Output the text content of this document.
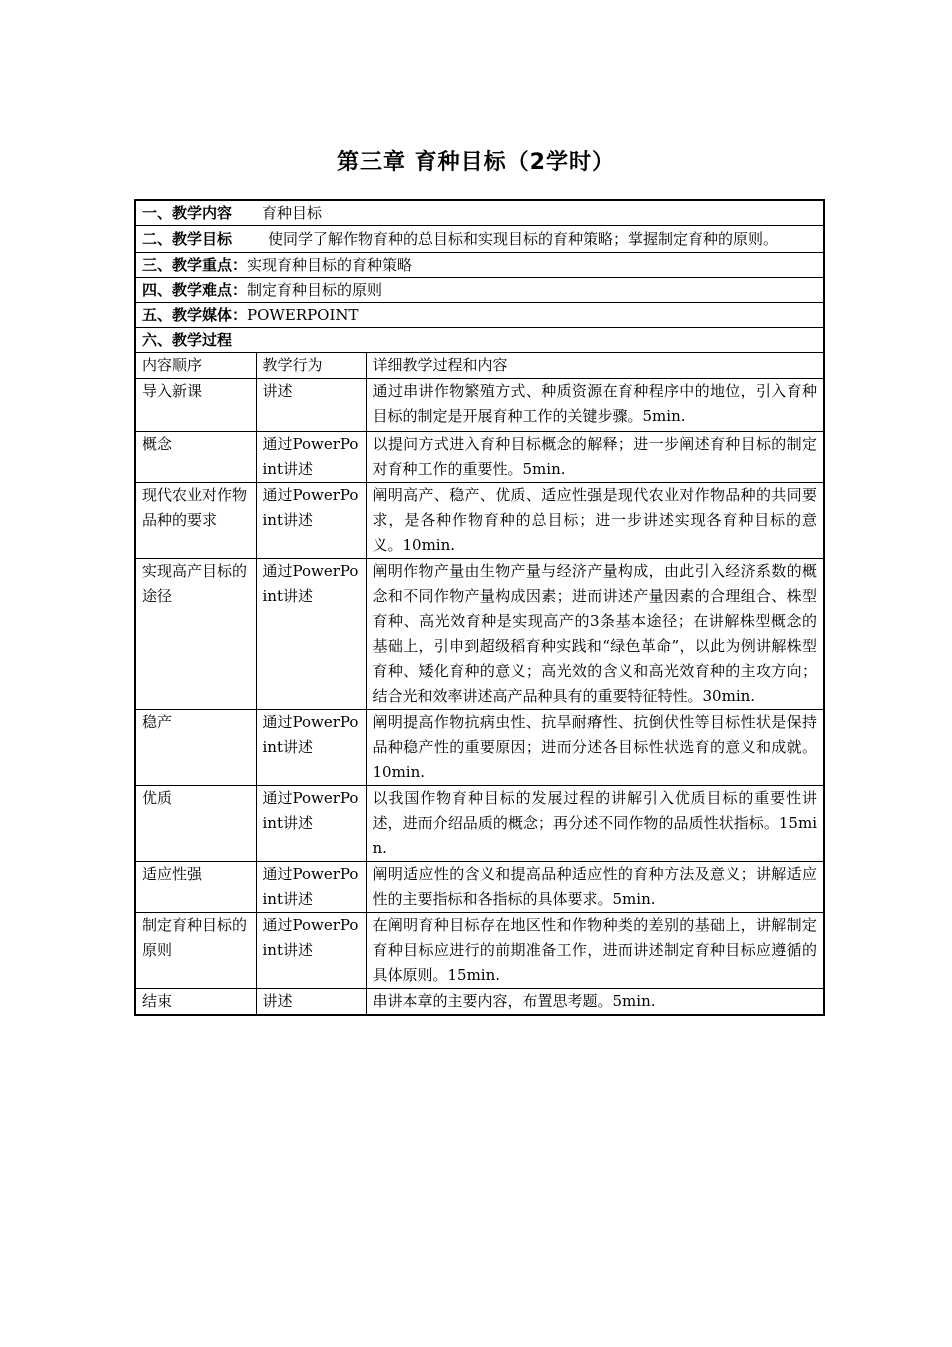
第三章 育种目标（2学时）
一、教学内容 育种目标
二、教学目标 使同学了解作物育种的总目标和实现目标的育种策略；掌握制定育种的原则。
三、教学重点：实现育种目标的育种策略
四、教学难点：制定育种目标的原则
五、教学媒体：POWERPOINT
六、教学过程
内容顺序	教学行为	详细教学过程和内容
导入新课	讲述	通过串讲作物繁殖方式、种质资源在育种程序中的地位，引入育种目标的制定是开展育种工作的关键步骤。5min.
概念	通过PowerPoint讲述	以提问方式进入育种目标概念的解释；进一步阐述育种目标的制定对育种工作的重要性。5min.
现代农业对作物品种的要求	通过PowerPoint讲述	阐明高产、稳产、优质、适应性强是现代农业对作物品种的共同要求，是各种作物育种的总目标；进一步讲述实现各育种目标的意义。10min.
实现高产目标的途径	通过PowerPoint讲述	阐明作物产量由生物产量与经济产量构成，由此引入经济系数的概念和不同作物产量构成因素；进而讲述产量因素的合理组合、株型育种、高光效育种是实现高产的3条基本途径；在讲解株型概念的基础上，引申到超级稻育种实践和“绿色革命”，以此为例讲解株型育种、矮化育种的意义；高光效的含义和高光效育种的主攻方向；结合光和效率讲述高产品种具有的重要特征特性。30min.
稳产	通过PowerPoint讲述	阐明提高作物抗病虫性、抗旱耐瘠性、抗倒伏性等目标性状是保持品种稳产性的重要原因；进而分述各目标性状选育的意义和成就。10min.
优质	通过PowerPoint讲述	以我国作物育种目标的发展过程的讲解引入优质目标的重要性讲述，进而介绍品质的概念；再分述不同作物的品质性状指标。15min.
适应性强	通过PowerPoint讲述	阐明适应性的含义和提高品种适应性的育种方法及意义；讲解适应性的主要指标和各指标的具体要求。5min.
制定育种目标的原则	通过PowerPoint讲述	在阐明育种目标存在地区性和作物种类的差别的基础上，讲解制定育种目标应进行的前期准备工作，进而讲述制定育种目标应遵循的具体原则。15min.
结束	讲述	串讲本章的主要内容，布置思考题。5min.
